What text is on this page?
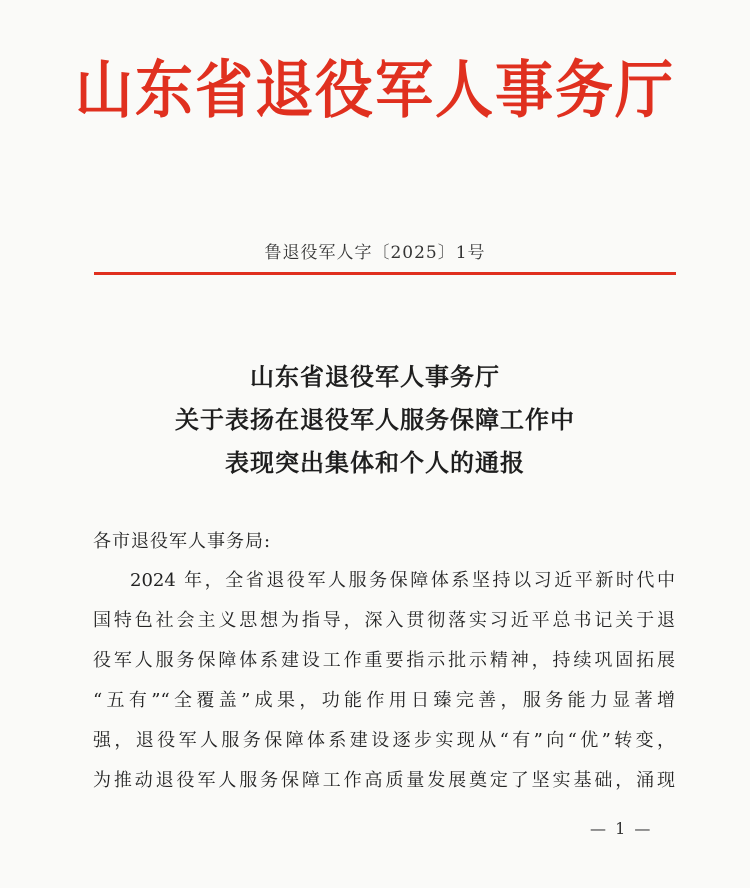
山东省退役军人事务厅
鲁退役军人字〔2025〕1号
山东省退役军人事务厅
关于表扬在退役军人服务保障工作中
表现突出集体和个人的通报
各市退役军人事务局:
2024 年，全省退役军人服务保障体系坚持以习近平新时代中
国特色社会主义思想为指导，深入贯彻落实习近平总书记关于退
役军人服务保障体系建设工作重要指示批示精神，持续巩固拓展
“五有”“全覆盖”成果，功能作用日臻完善，服务能力显著增
强，退役军人服务保障体系建设逐步实现从“有”向“优”转变，
为推动退役军人服务保障工作高质量发展奠定了坚实基础，涌现
— 1 —
